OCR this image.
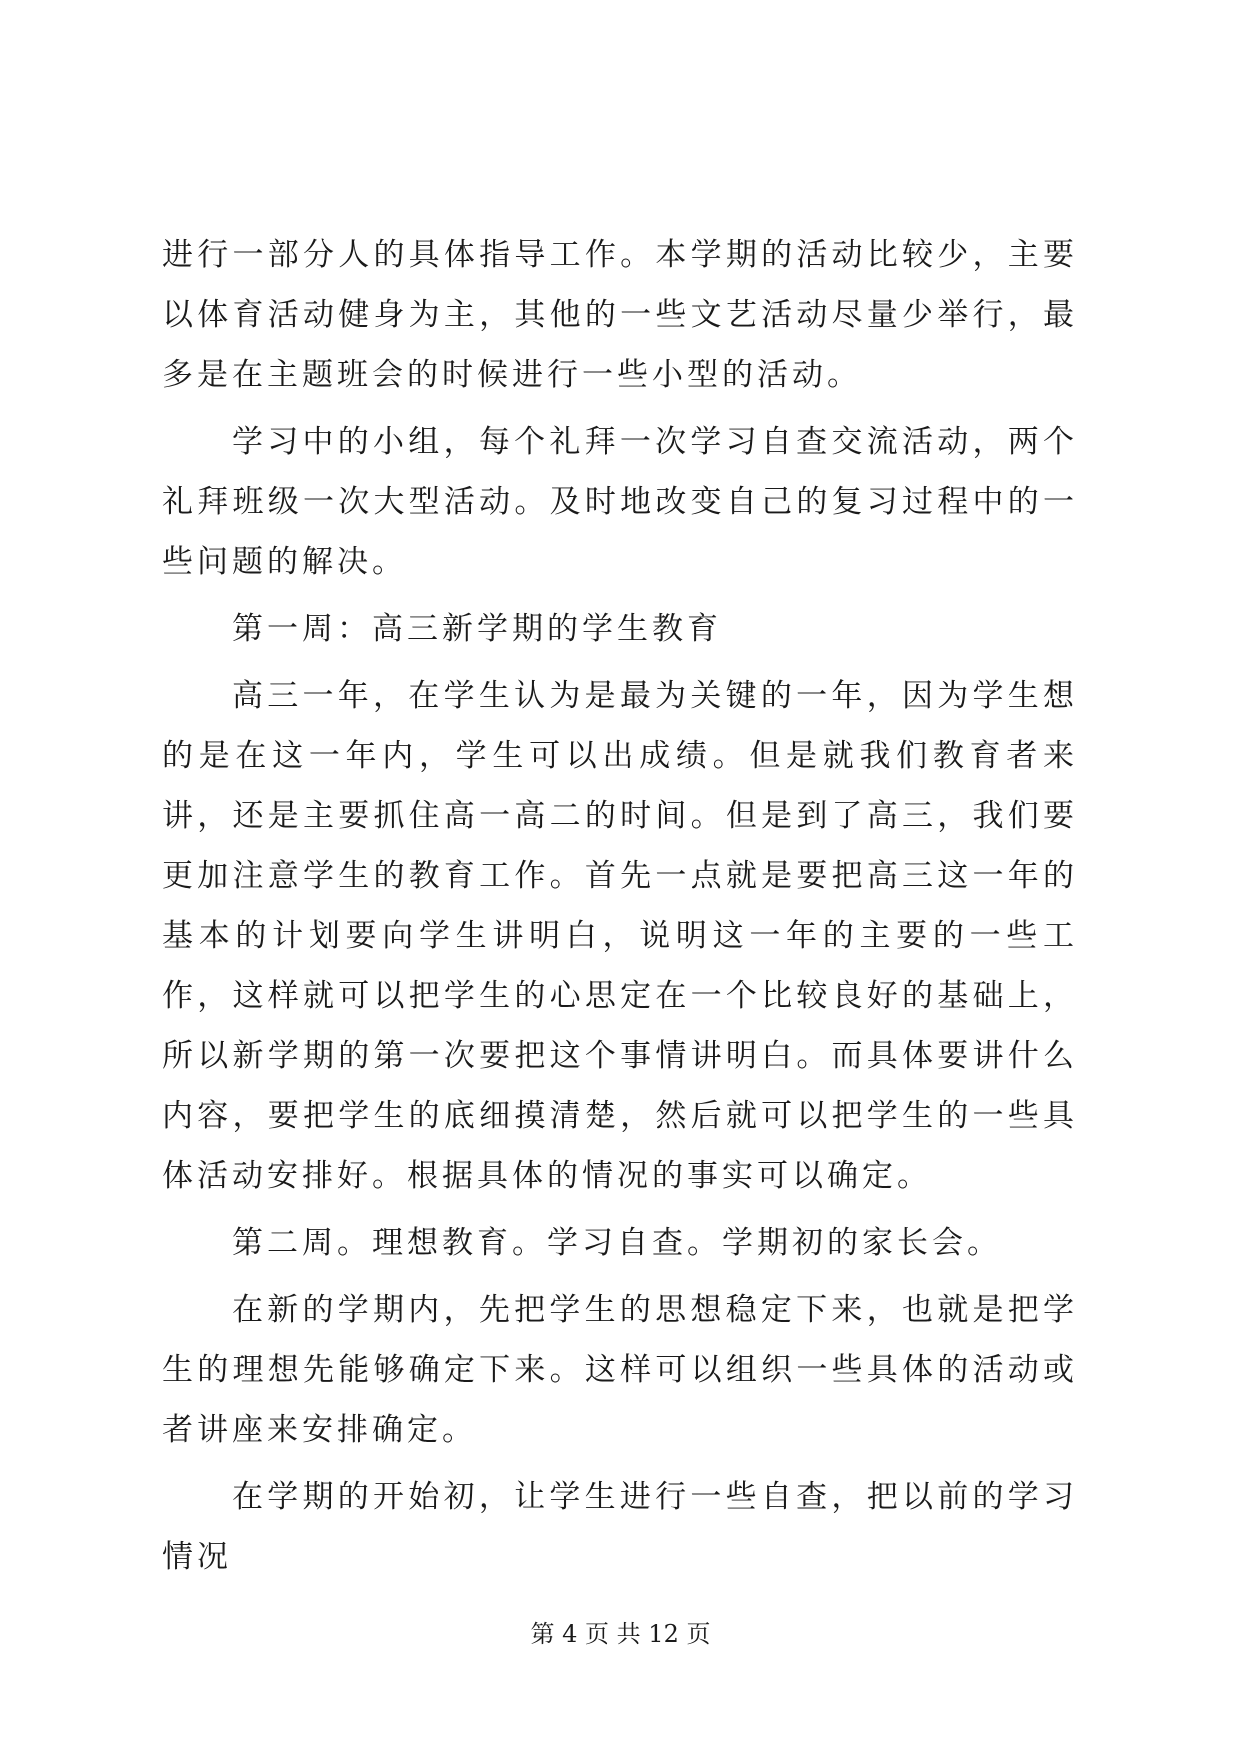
进行一部分人的具体指导工作。本学期的活动比较少，主要以体育活动健身为主，其他的一些文艺活动尽量少举行，最多是在主题班会的时候进行一些小型的活动。

学习中的小组，每个礼拜一次学习自查交流活动，两个礼拜班级一次大型活动。及时地改变自己的复习过程中的一些问题的解决。

第一周：高三新学期的学生教育

高三一年，在学生认为是最为关键的一年，因为学生想的是在这一年内，学生可以出成绩。但是就我们教育者来讲，还是主要抓住高一高二的时间。但是到了高三，我们要更加注意学生的教育工作。首先一点就是要把高三这一年的基本的计划要向学生讲明白，说明这一年的主要的一些工作，这样就可以把学生的心思定在一个比较良好的基础上，所以新学期的第一次要把这个事情讲明白。而具体要讲什么内容，要把学生的底细摸清楚，然后就可以把学生的一些具体活动安排好。根据具体的情况的事实可以确定。

第二周。理想教育。学习自查。学期初的家长会。

在新的学期内，先把学生的思想稳定下来，也就是把学生的理想先能够确定下来。这样可以组织一些具体的活动或者讲座来安排确定。

在学期的开始初，让学生进行一些自查，把以前的学习情况

第 4 页 共 12 页
